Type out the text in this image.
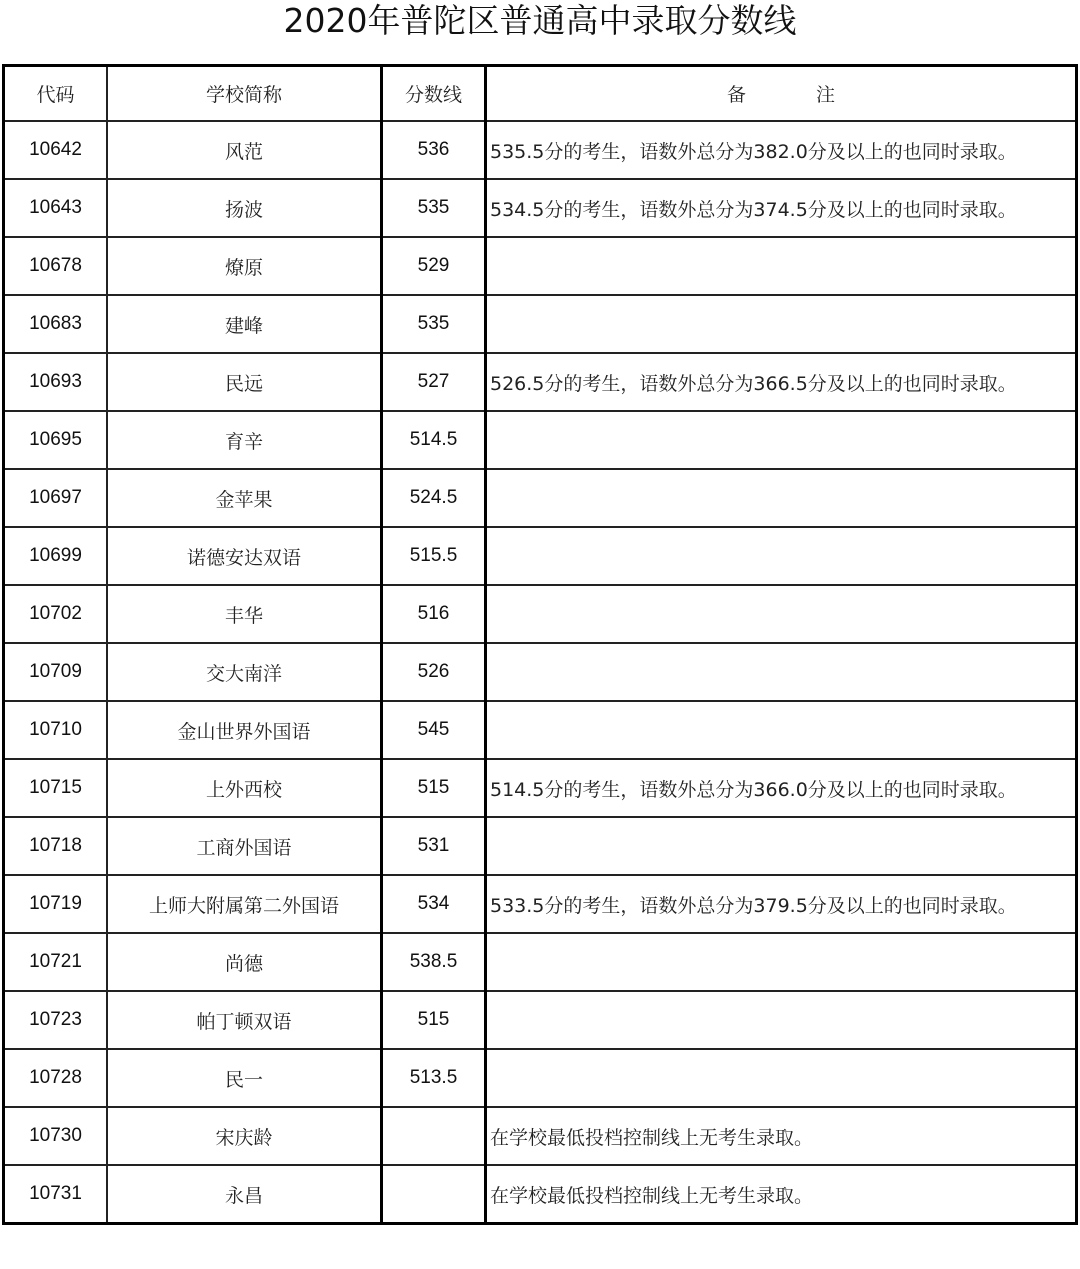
2020年普陀区普通高中录取分数线
代码	学校简称	分数线	备 注
10642	风范	536	535.5分的考生，语数外总分为382.0分及以上的也同时录取。
10643	扬波	535	534.5分的考生，语数外总分为374.5分及以上的也同时录取。
10678	燎原	529	
10683	建峰	535	
10693	民远	527	526.5分的考生，语数外总分为366.5分及以上的也同时录取。
10695	育辛	514.5	
10697	金苹果	524.5	
10699	诺德安达双语	515.5	
10702	丰华	516	
10709	交大南洋	526	
10710	金山世界外国语	545	
10715	上外西校	515	514.5分的考生，语数外总分为366.0分及以上的也同时录取。
10718	工商外国语	531	
10719	上师大附属第二外国语	534	533.5分的考生，语数外总分为379.5分及以上的也同时录取。
10721	尚德	538.5	
10723	帕丁顿双语	515	
10728	民一	513.5	
10730	宋庆龄		在学校最低投档控制线上无考生录取。
10731	永昌		在学校最低投档控制线上无考生录取。
